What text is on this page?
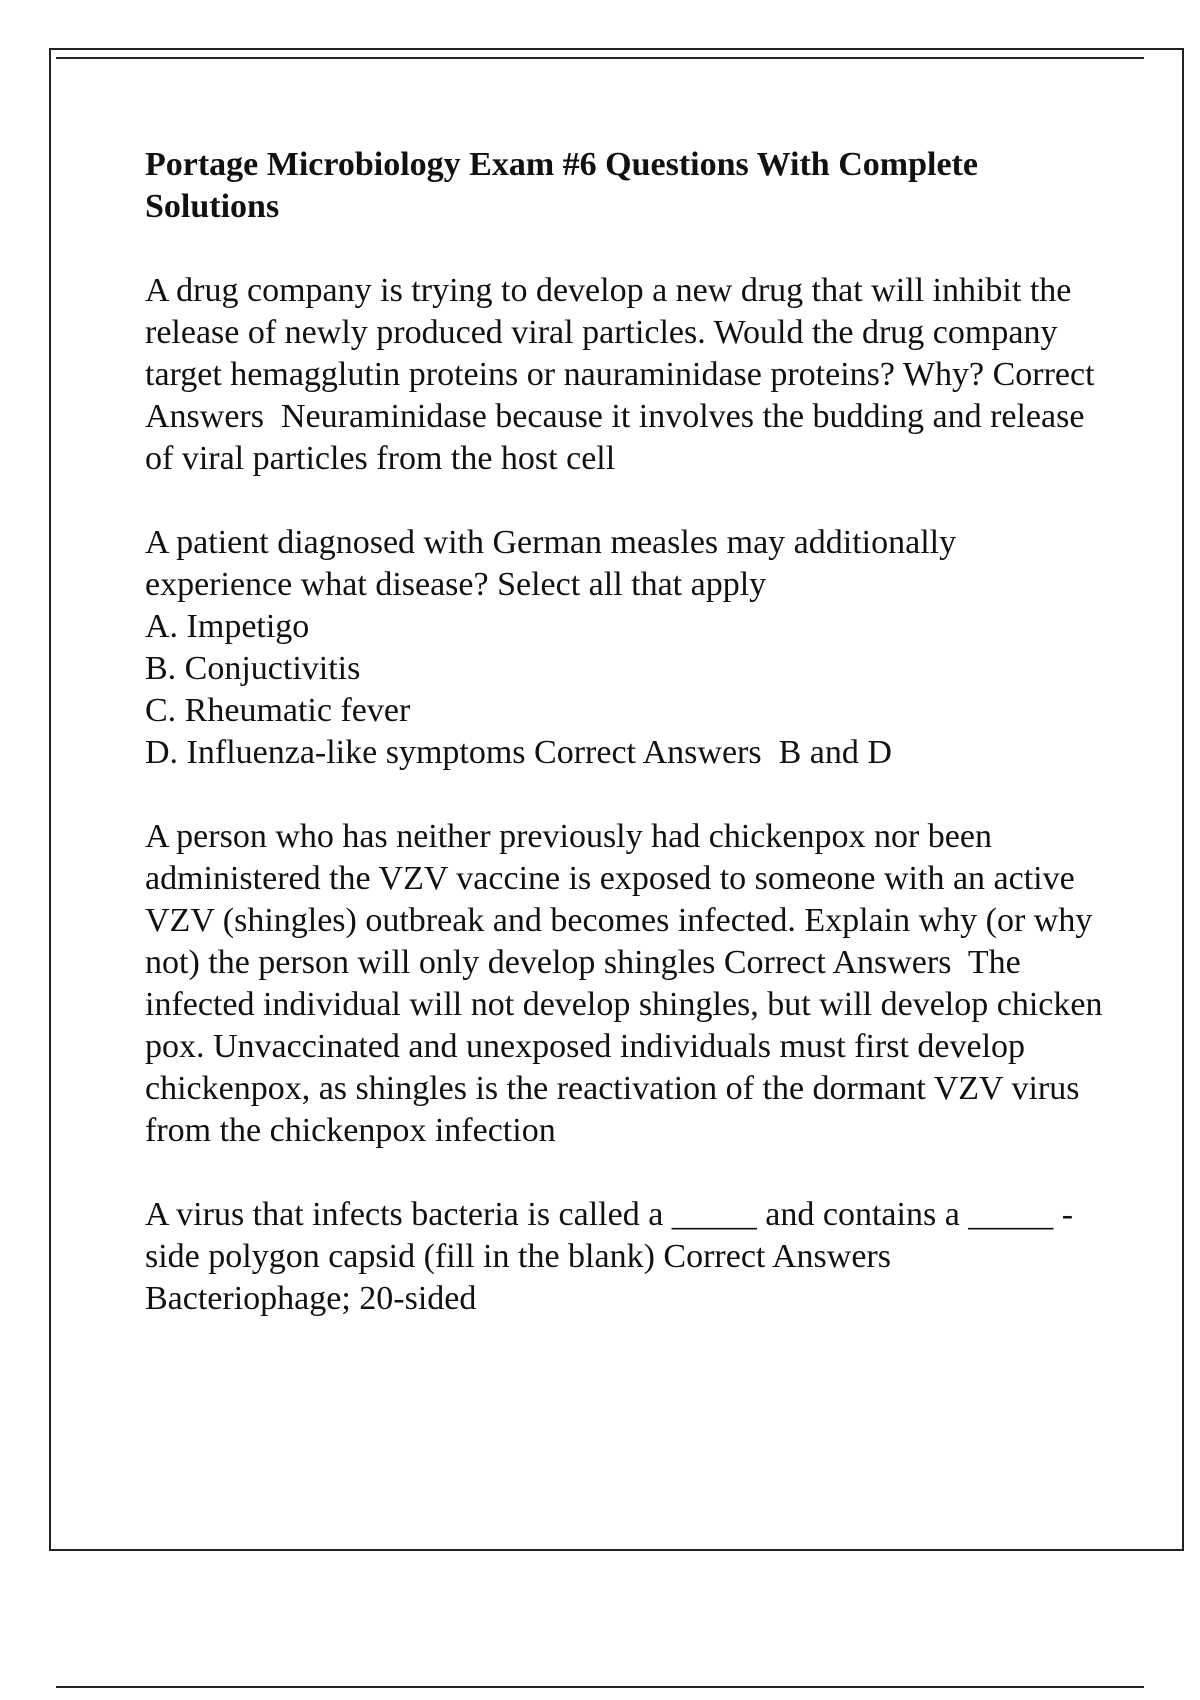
Portage Microbiology Exam #6 Questions With Complete Solutions

A drug company is trying to develop a new drug that will inhibit the release of newly produced viral particles. Would the drug company target hemagglutin proteins or nauraminidase proteins? Why? Correct Answers Neuraminidase because it involves the budding and release of viral particles from the host cell

A patient diagnosed with German measles may additionally experience what disease? Select all that apply
A. Impetigo
B. Conjuctivitis
C. Rheumatic fever
D. Influenza-like symptoms Correct Answers B and D

A person who has neither previously had chickenpox nor been administered the VZV vaccine is exposed to someone with an active VZV (shingles) outbreak and becomes infected. Explain why (or why not) the person will only develop shingles Correct Answers The infected individual will not develop shingles, but will develop chicken pox. Unvaccinated and unexposed individuals must first develop chickenpox, as shingles is the reactivation of the dormant VZV virus from the chickenpox infection

A virus that infects bacteria is called a _____ and contains a _____ -side polygon capsid (fill in the blank) Correct Answers Bacteriophage; 20-sided
